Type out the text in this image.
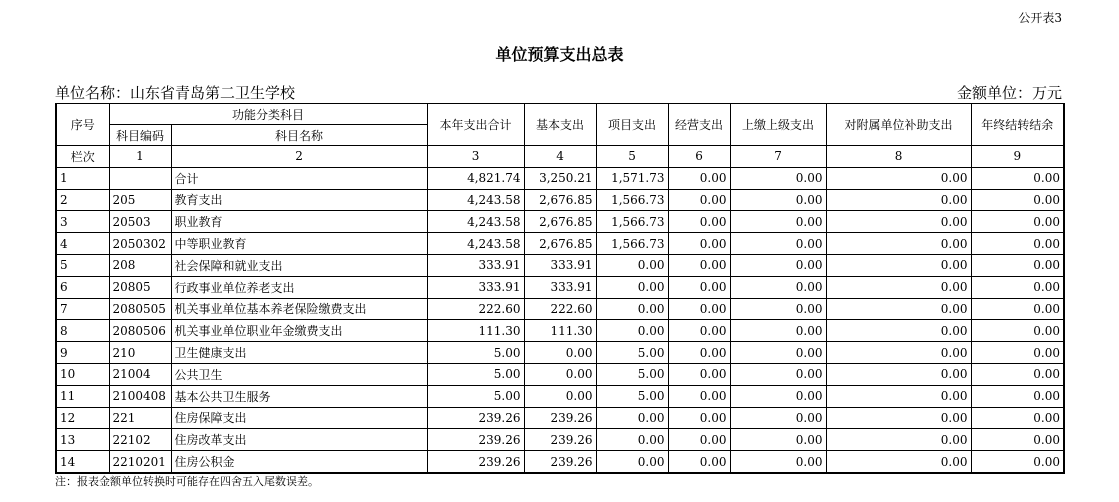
公开表3
单位预算支出总表
单位名称：山东省青岛第二卫生学校	金额单位：万元
序号	功能分类科目		本年支出合计	基本支出	项目支出	经营支出	上缴上级支出	对附属单位补助支出	年终结转结余
	科目编码	科目名称							
栏次	1	2	3	4	5	6	7	8	9
1		合计	4,821.74	3,250.21	1,571.73	0.00	0.00	0.00	0.00
2	205	教育支出	4,243.58	2,676.85	1,566.73	0.00	0.00	0.00	0.00
3	20503	职业教育	4,243.58	2,676.85	1,566.73	0.00	0.00	0.00	0.00
4	2050302	中等职业教育	4,243.58	2,676.85	1,566.73	0.00	0.00	0.00	0.00
5	208	社会保障和就业支出	333.91	333.91	0.00	0.00	0.00	0.00	0.00
6	20805	行政事业单位养老支出	333.91	333.91	0.00	0.00	0.00	0.00	0.00
7	2080505	机关事业单位基本养老保险缴费支出	222.60	222.60	0.00	0.00	0.00	0.00	0.00
8	2080506	机关事业单位职业年金缴费支出	111.30	111.30	0.00	0.00	0.00	0.00	0.00
9	210	卫生健康支出	5.00	0.00	5.00	0.00	0.00	0.00	0.00
10	21004	公共卫生	5.00	0.00	5.00	0.00	0.00	0.00	0.00
11	2100408	基本公共卫生服务	5.00	0.00	5.00	0.00	0.00	0.00	0.00
12	221	住房保障支出	239.26	239.26	0.00	0.00	0.00	0.00	0.00
13	22102	住房改革支出	239.26	239.26	0.00	0.00	0.00	0.00	0.00
14	2210201	住房公积金	239.26	239.26	0.00	0.00	0.00	0.00	0.00
注：报表金额单位转换时可能存在四舍五入尾数误差。
